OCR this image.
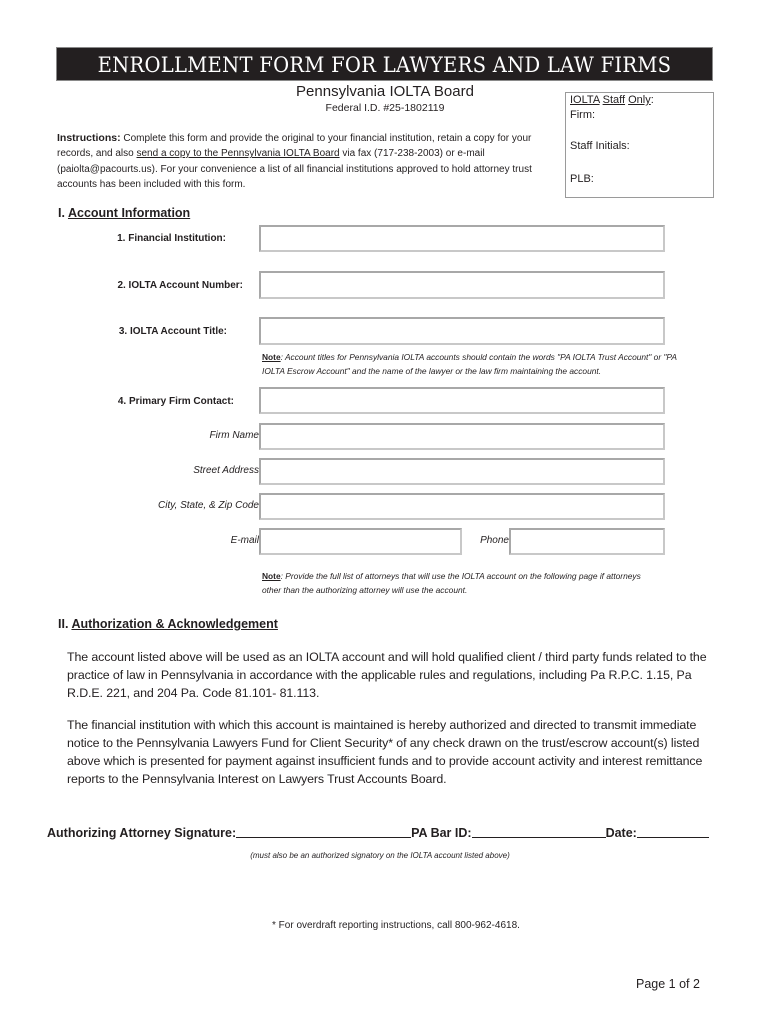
ENROLLMENT FORM FOR LAWYERS AND LAW FIRMS
Pennsylvania IOLTA Board
Federal I.D. #25-1802119
IOLTA Staff Only:
Firm:
Staff Initials:
PLB:
Instructions: Complete this form and provide the original to your financial institution, retain a copy for your records, and also send a copy to the Pennsylvania IOLTA Board via fax (717-238-2003) or e-mail (paiolta@pacourts.us). For your convenience a list of all financial institutions approved to hold attorney trust accounts has been included with this form.
I. Account Information
1. Financial Institution:
2. IOLTA Account Number:
3. IOLTA Account Title:
Note: Account titles for Pennsylvania IOLTA accounts should contain the words "PA IOLTA Trust Account" or "PA IOLTA Escrow Account" and the name of the lawyer or the law firm maintaining the account.
4. Primary Firm Contact:
Firm Name
Street Address
City, State, & Zip Code
E-mail	Phone
Note: Provide the full list of attorneys that will use the IOLTA account on the following page if attorneys other than the authorizing attorney will use the account.
II. Authorization & Acknowledgement
The account listed above will be used as an IOLTA account and will hold qualified client / third party funds related to the practice of law in Pennsylvania in accordance with the applicable rules and regulations, including Pa R.P.C. 1.15, Pa R.D.E. 221, and 204 Pa. Code 81.101- 81.113.
The financial institution with which this account is maintained is hereby authorized and directed to transmit immediate notice to the Pennsylvania Lawyers Fund for Client Security* of any check drawn on the trust/escrow account(s) listed above which is presented for payment against insufficient funds and to provide account activity and interest remittance reports to the Pennsylvania Interest on Lawyers Trust Accounts Board.
Authorizing Attorney Signature:	PA Bar ID:	Date:
(must also be an authorized signatory on the IOLTA account listed above)
* For overdraft reporting instructions, call 800-962-4618.
Page 1 of 2
